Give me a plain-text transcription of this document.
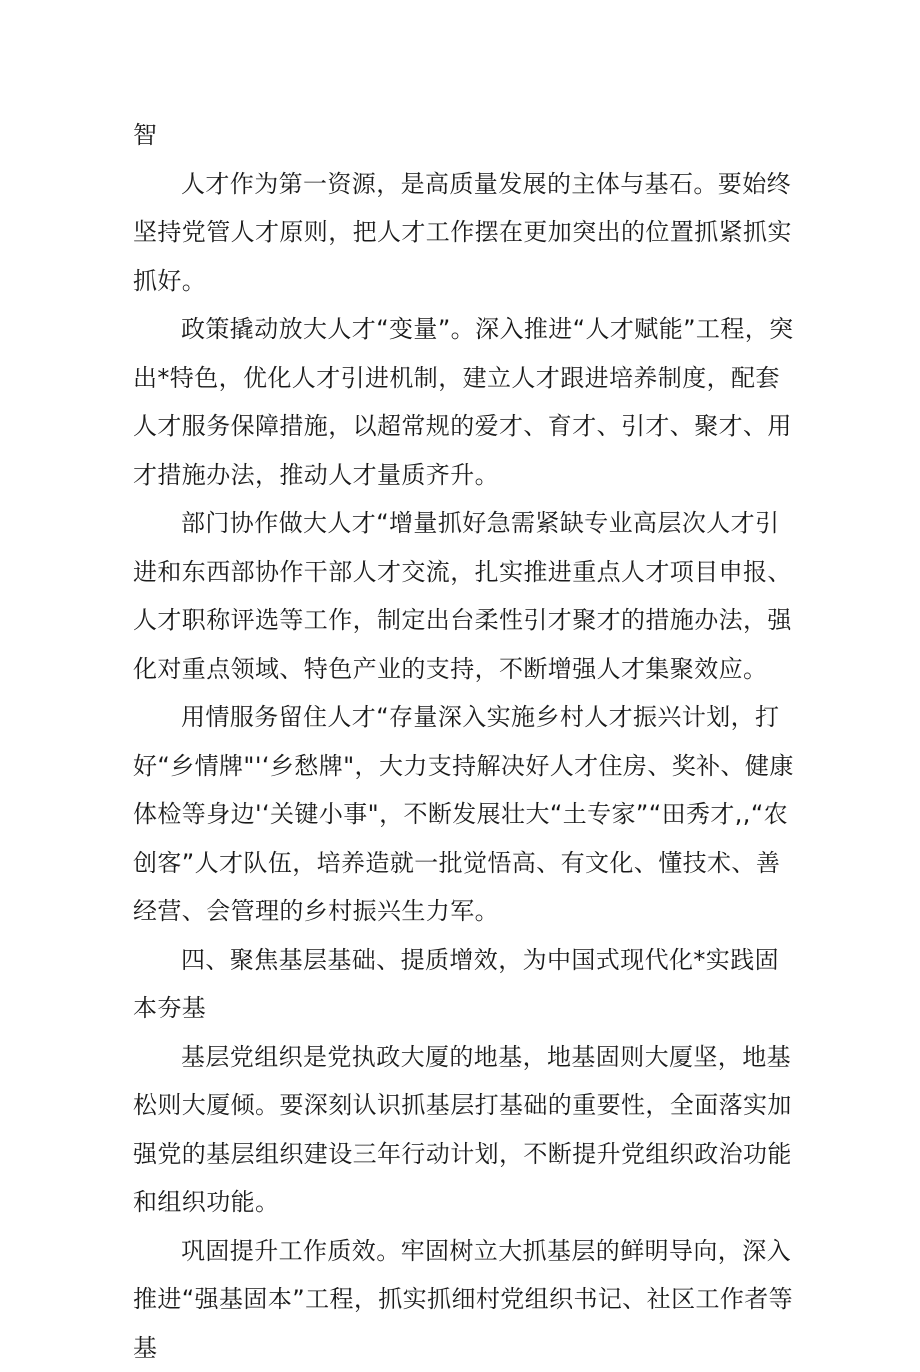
智

人才作为第一资源，是高质量发展的主体与基石。要始终坚持党管人才原则，把人才工作摆在更加突出的位置抓紧抓实抓好。

政策撬动放大人才“变量”。深入推进“人才赋能”工程，突出*特色，优化人才引进机制，建立人才跟进培养制度，配套人才服务保障措施，以超常规的爱才、育才、引才、聚才、用才措施办法，推动人才量质齐升。

部门协作做大人才“增量抓好急需紧缺专业高层次人才引进和东西部协作干部人才交流，扎实推进重点人才项目申报、人才职称评选等工作，制定出台柔性引才聚才的措施办法，强化对重点领域、特色产业的支持，不断增强人才集聚效应。

用情服务留住人才“存量深入实施乡村人才振兴计划，打好“乡情牌"'‘乡愁牌"，大力支持解决好人才住房、奖补、健康体检等身边'‘关键小事"，不断发展壮大“土专家”“田秀才,,“农创客”人才队伍，培养造就一批觉悟高、有文化、懂技术、善经营、会管理的乡村振兴生力军。

四、聚焦基层基础、提质增效，为中国式现代化*实践固本夯基

基层党组织是党执政大厦的地基，地基固则大厦坚，地基松则大厦倾。要深刻认识抓基层打基础的重要性，全面落实加强党的基层组织建设三年行动计划，不断提升党组织政治功能和组织功能。

巩固提升工作质效。牢固树立大抓基层的鲜明导向，深入推进“强基固本”工程，抓实抓细村党组织书记、社区工作者等基
